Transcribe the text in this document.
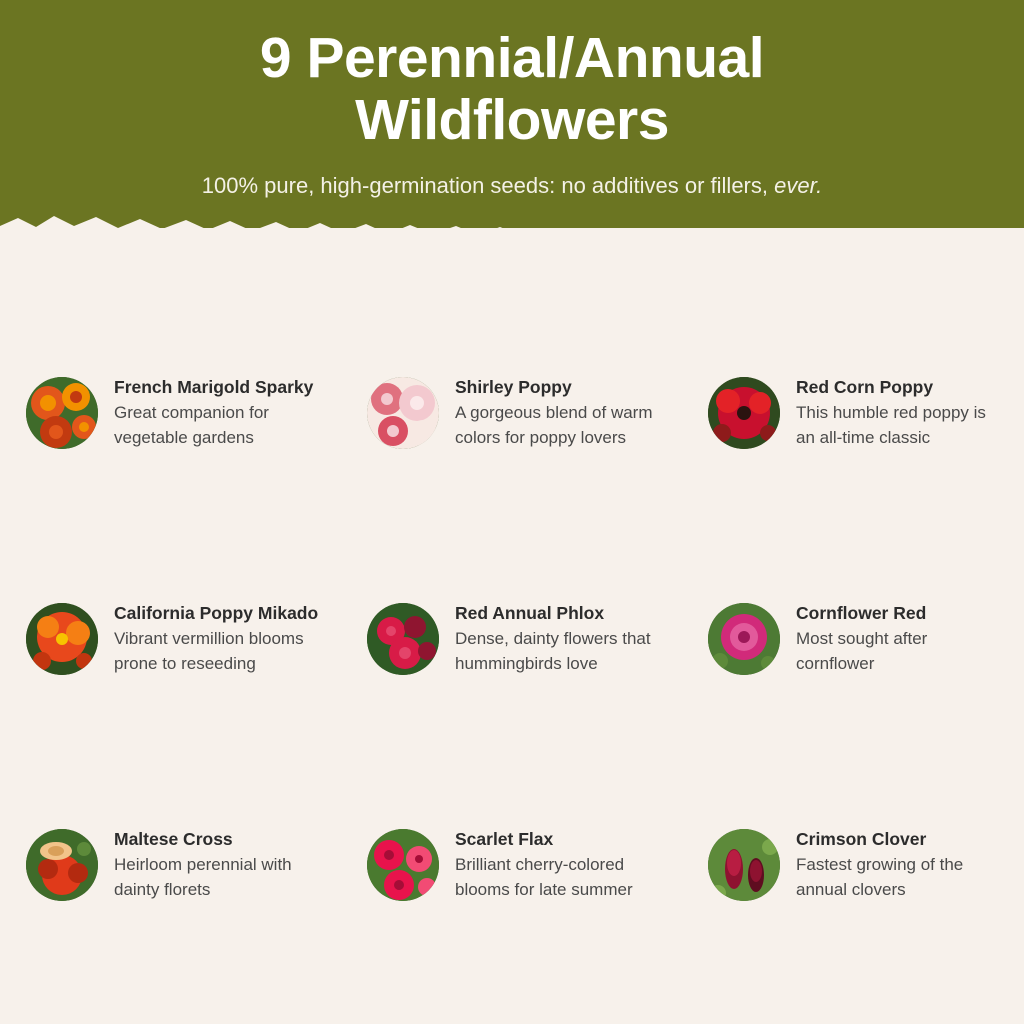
9 Perennial/Annual
Wildflowers
100% pure, high-germination seeds: no additives or fillers, ever.
French Marigold Sparky
Great companion for vegetable gardens
Shirley Poppy
A gorgeous blend of warm colors for poppy lovers
Red Corn Poppy
This humble red poppy is an all-time classic
California Poppy Mikado
Vibrant vermillion blooms prone to reseeding
Red Annual Phlox
Dense, dainty flowers that hummingbirds love
Cornflower Red
Most sought after cornflower
Maltese Cross
Heirloom perennial with dainty florets
Scarlet Flax
Brilliant cherry-colored blooms for late summer
Crimson Clover
Fastest growing of the annual clovers
